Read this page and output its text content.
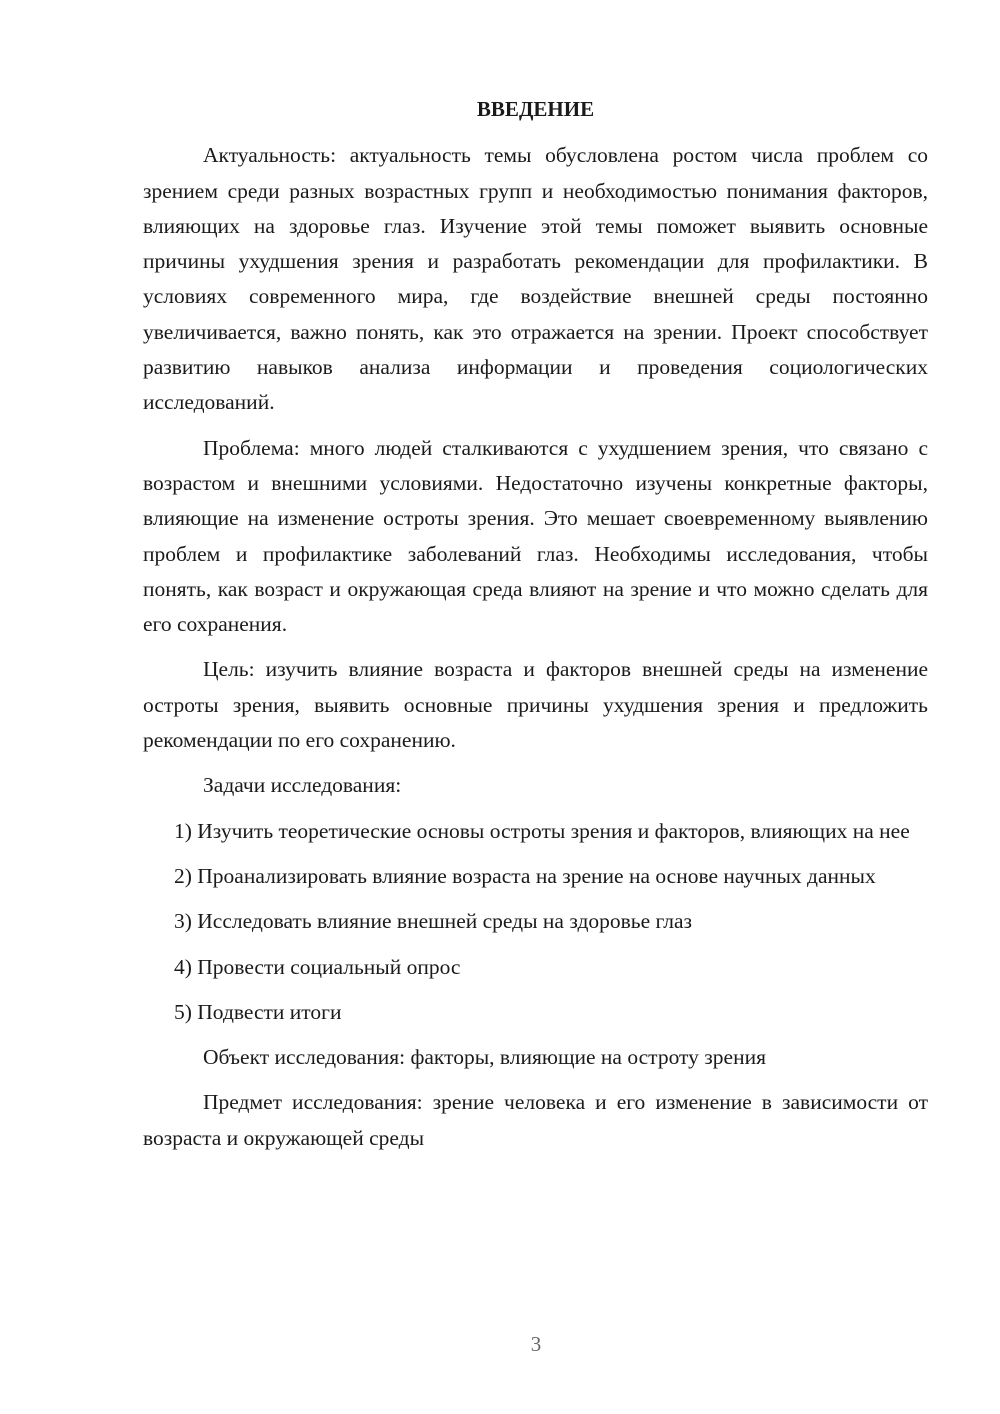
ВВЕДЕНИЕ

Актуальность: актуальность темы обусловлена ростом числа проблем со зрением среди разных возрастных групп и необходимостью понимания факторов, влияющих на здоровье глаз. Изучение этой темы поможет выявить основные причины ухудшения зрения и разработать рекомендации для профилактики. В условиях современного мира, где воздействие внешней среды постоянно увеличивается, важно понять, как это отражается на зрении. Проект способствует развитию навыков анализа информации и проведения социологических исследований.

Проблема: много людей сталкиваются с ухудшением зрения, что связано с возрастом и внешними условиями. Недостаточно изучены конкретные факторы, влияющие на изменение остроты зрения. Это мешает своевременному выявлению проблем и профилактике заболеваний глаз. Необходимы исследования, чтобы понять, как возраст и окружающая среда влияют на зрение и что можно сделать для его сохранения.

Цель: изучить влияние возраста и факторов внешней среды на изменение остроты зрения, выявить основные причины ухудшения зрения и предложить рекомендации по его сохранению.

Задачи исследования:

1) Изучить теоретические основы остроты зрения и факторов, влияющих на нее

2) Проанализировать влияние возраста на зрение на основе научных данных

3) Исследовать влияние внешней среды на здоровье глаз

4) Провести социальный опрос

5) Подвести итоги

Объект исследования: факторы, влияющие на остроту зрения

Предмет исследования: зрение человека и его изменение в зависимости от возраста и окружающей среды

3
